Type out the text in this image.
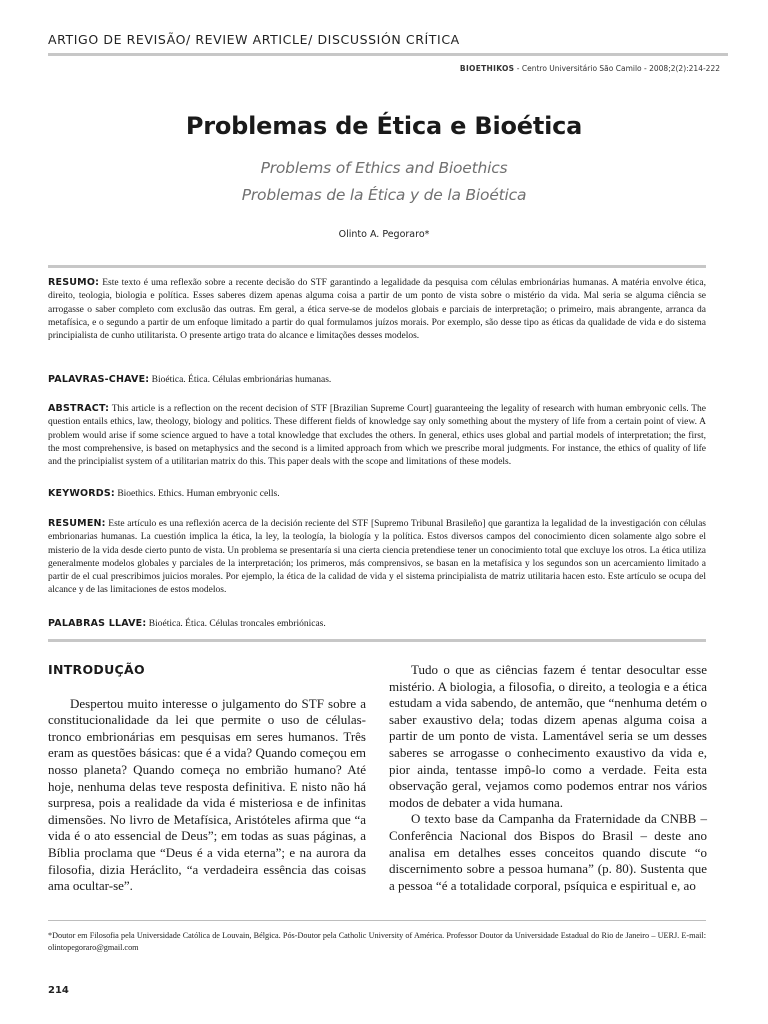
ARTIGO DE REVISÃO/ REVIEW ARTICLE/ DISCUSSIÓN CRÍTICA
BIOETHIKOS - Centro Universitário São Camilo - 2008;2(2):214-222
Problemas de Ética e Bioética
Problems of Ethics and Bioethics
Problemas de la Ética y de la Bioética
Olinto A. Pegoraro*
RESUMO: Este texto é uma reflexão sobre a recente decisão do STF garantindo a legalidade da pesquisa com células embrionárias humanas. A matéria envolve ética, direito, teologia, biologia e política. Esses saberes dizem apenas alguma coisa a partir de um ponto de vista sobre o mistério da vida. Mal seria se alguma ciência se arrogasse o saber completo com exclusão das outras. Em geral, a ética serve-se de modelos globais e parciais de interpretação; o primeiro, mais abrangente, arranca da metafísica, e o segundo a partir de um enfoque limitado a partir do qual formulamos juízos morais. Por exemplo, são desse tipo as éticas da qualidade de vida e do sistema principialista de cunho utilitarista. O presente artigo trata do alcance e limitações desses modelos.
PALAVRAS-CHAVE: Bioética. Ética. Células embrionárias humanas.
ABSTRACT: This article is a reflection on the recent decision of STF [Brazilian Supreme Court] guaranteeing the legality of research with human embryonic cells. The question entails ethics, law, theology, biology and politics. These different fields of knowledge say only something about the mystery of life from a certain point of view. A problem would arise if some science argued to have a total knowledge that excludes the others. In general, ethics uses global and partial models of interpretation; the first, the most comprehensive, is based on metaphysics and the second is a limited approach from which we prescribe moral judgments. For instance, the ethics of quality of life and the principialist system of a utilitarian matrix do this. This paper deals with the scope and limitations of these models.
KEYWORDS: Bioethics. Ethics. Human embryonic cells.
RESUMEN: Este artículo es una reflexión acerca de la decisión reciente del STF [Supremo Tribunal Brasileño] que garantiza la legalidad de la investigación con células embrionarias humanas. La cuestión implica la ética, la ley, la teología, la biología y la política. Estos diversos campos del conocimiento dicen solamente algo sobre el misterio de la vida desde cierto punto de vista. Un problema se presentaría si una cierta ciencia pretendiese tener un conocimiento total que excluye los otros. La ética utiliza generalmente modelos globales y parciales de la interpretación; los primeros, más comprensivos, se basan en la metafísica y los segundos son un acercamiento limitado a partir de el cual prescribimos juicios morales. Por ejemplo, la ética de la calidad de vida y el sistema principialista de matriz utilitaria hacen esto. Este artículo se ocupa del alcance y de las limitaciones de estos modelos.
PALABRAS LLAVE: Bioética. Ética. Células troncales embriónicas.
INTRODUÇÃO

Despertou muito interesse o julgamento do STF sobre a constitucionalidade da lei que permite o uso de células-tronco embrionárias em pesquisas em seres humanos. Três eram as questões básicas: que é a vida? Quando começou em nosso planeta? Quando começa no embrião humano? Até hoje, nenhuma delas teve resposta definitiva. E nisto não há surpresa, pois a realidade da vida é misteriosa e de infinitas dimensões. No livro de Metafísica, Aristóteles afirma que “a vida é o ato essencial de Deus”; em todas as suas páginas, a Bíblia proclama que “Deus é a vida eterna”; e na aurora da filosofia, dizia Heráclito, “a verdadeira essência das coisas ama ocultar-se”.

Tudo o que as ciências fazem é tentar desocultar esse mistério. A biologia, a filosofia, o direito, a teologia e a ética estudam a vida sabendo, de antemão, que “nenhuma detém o saber exaustivo dela; todas dizem apenas alguma coisa a partir de um ponto de vista. Lamentável seria se um desses saberes se arrogasse o conhecimento exaustivo da vida e, pior ainda, tentasse impô-lo como a verdade. Feita esta observação geral, vejamos como podemos entrar nos vários modos de debater a vida humana.

O texto base da Campanha da Fraternidade da CNBB – Conferência Nacional dos Bispos do Brasil – deste ano analisa em detalhes esses conceitos quando discute “o discernimento sobre a pessoa humana” (p. 80). Sustenta que a pessoa “é a totalidade corporal, psíquica e espiritual e, ao

*Doutor em Filosofia pela Universidade Católica de Louvain, Bélgica. Pós-Doutor pela Catholic University of América. Professor Doutor da Universidade Estadual do Rio de Janeiro – UERJ. E-mail: olintopegoraro@gmail.com
214
